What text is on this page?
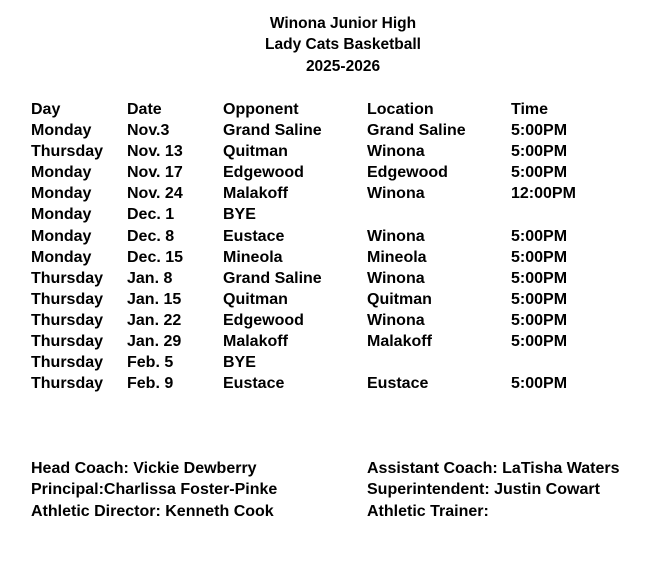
Winona Junior High
Lady Cats Basketball
2025-2026
Day	Date	Opponent	Location	Time
Monday Nov.3	Grand Saline	Grand Saline	5:00PM
Thursday Nov. 13	Quitman	Winona	5:00PM
Monday Nov. 17	Edgewood	Edgewood	5:00PM
Monday Nov. 24	Malakoff	Winona	12:00PM
Monday Dec. 1	BYE
Monday Dec. 8	Eustace	Winona	5:00PM
Monday Dec. 15 Mineola	Mineola	5:00PM
Thursday Jan. 8	Grand Saline	Winona	5:00PM
Thursday Jan. 15	Quitman	Quitman	5:00PM
Thursday Jan. 22	Edgewood	Winona	5:00PM
Thursday Jan. 29	Malakoff	Malakoff	5:00PM
Thursday Feb. 5	BYE
Thursday Feb. 9	Eustace	Eustace	5:00PM
Head Coach: Vickie Dewberry
Principal:Charlissa Foster-Pinke
Athletic Director: Kenneth Cook
Assistant Coach: LaTisha Waters
Superintendent: Justin Cowart
Athletic Trainer:
